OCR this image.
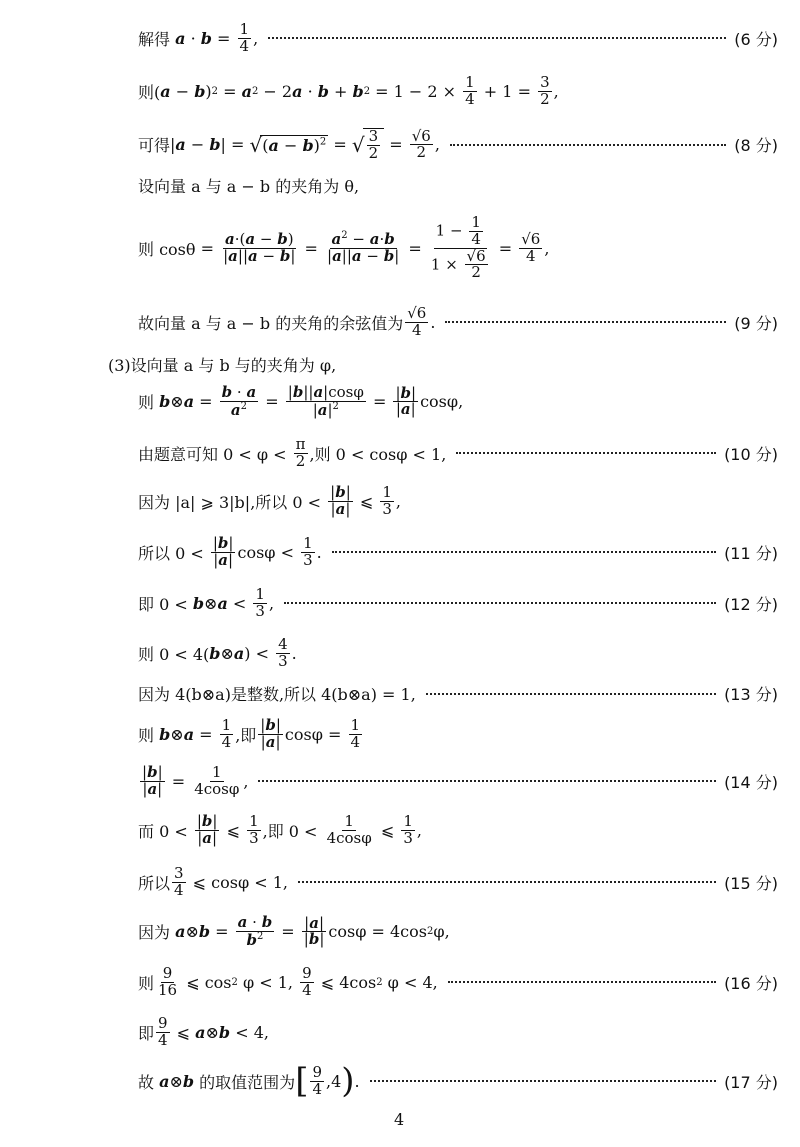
解得
$a \cdot b = \frac{1}{4}$ ,	(6 分)
则( a − b ) 2 = a 2 − 2 a · b + b $2 = 1 - 2 \times \frac{1}{4} + 1 = \frac{3}{2}$ ,
可得 | a − b | = √ $(a - b)^2$ = √ $\frac{3}{2} = \frac{√6}{2}$ ,	(8 分)
设向量 a 与 a − b 的夹角为 θ,
则 $\cos\theta = \frac{a\cdot(a - b)}{|a||a - b|} = \frac{a^2 - a\cdot b}{|a||a - b|} = \frac{1 - \frac{1}{4}}{1 \times \frac{√6}{2}} = \frac{√6}{4}$ ,
故向量 a 与 a − b 的夹角的余弦值为 $\frac{√6}{4}$ .	(9 分)
(3)设向量 a 与 b 与的夹角为 φ,
则 b ⊗ $a = \frac{b \cdot a}{a^2} = \frac{|b||a|\cos\varphi}{|a|^2} = \frac{|b|}{|a|} \cos\varphi$,
由题意可知 0 < φ <
$\frac{\pi}{2}$ ,则 0 < cosφ < 1,	(10 分)
因为 |a| ⩾ 3|b|,所以 0 <
$\frac{|b|}{|a|}$ ⩽ $\frac{1}{3}$ ,
所以 0 <
$\frac{|b|}{|a|}$ $\cos\varphi < \frac{1}{3}$ .	(11 分)
即 0 <
b ⊗ $a < \frac{1}{3}$ ,	(12 分)
则 0 < 4( b ⊗ a ) < $\frac{4}{3}$ .
因为 4(b⊗a)是整数,所以 4(b⊗a) = 1,	(13 分)
则
b ⊗ $a = \frac{1}{4}$ ,即 $\frac{|b|}{|a|}$ $\cos\varphi = \frac{1}{4}$
$\frac{|b|}{|a|} = \frac{1}{4\cos\varphi}$ ,	(14 分)
而 0 <
$\frac{|b|}{|a|}$ ⩽ $\frac{1}{3}$ ,即 0 <
$\frac{1}{4\cos\varphi}$ ⩽ $\frac{1}{3}$ ,
所以 $\frac{3}{4}$ ⩽ cosφ < 1,	(15 分)
因为
a ⊗ $b = \frac{a \cdot b}{b^2} = \frac{|a|}{|b|}$ cosφ = 4cos 2 φ,
则 $\frac{9}{16}$ ⩽ cos 2 φ < 1, $\frac{9}{4}$ ⩽ 4cos 2 φ < 4,	(16 分)
即 $\frac{9}{4}$ ⩽ a ⊗ b < 4,
故
a ⊗ b
的取值范围为 [ $\frac{9}{4} ,4$ ) .	(17 分)
4
